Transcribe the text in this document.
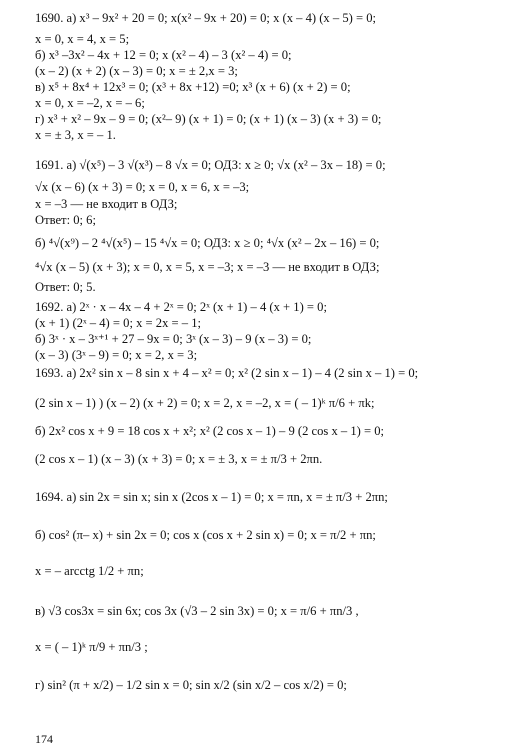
1690. а) x³ – 9x² + 20 = 0; x(x² – 9x + 20) = 0; x (x – 4) (x – 5) = 0;
x = 0, x = 4, x = 5;
б) x³ –3x² – 4x + 12 = 0; x (x² – 4) – 3 (x² – 4) = 0;
(x – 2) (x + 2) (x – 3) = 0; x = ± 2,x = 3;
в) x⁵ + 8x⁴ + 12x³ = 0; (x³ + 8x +12) =0; x³ (x + 6) (x + 2) = 0;
x = 0, x = –2, x = – 6;
г) x³ + x² – 9x – 9 = 0; (x²– 9) (x + 1) = 0; (x + 1) (x – 3) (x + 3) = 0;
x = ± 3, x = – 1.
1691. а) √(x⁵) – 3 √(x³) – 8 √x = 0; ОДЗ: x ≥ 0; √x (x² – 3x – 18) = 0;
√x (x – 6) (x + 3) = 0; x = 0, x = 6, x = –3;
x = –3 — не входит в ОДЗ;
Ответ: 0; 6;
б) ⁴√(x⁹) – 2 ⁴√(x⁵) – 15 ⁴√x = 0; ОДЗ: x ≥ 0; ⁴√x (x² – 2x – 16) = 0;
⁴√x (x – 5) (x + 3); x = 0, x = 5, x = –3; x = –3 — не входит в ОДЗ;
Ответ: 0; 5.
1692. а) 2ˣ · x – 4x – 4 + 2ˣ = 0; 2ˣ (x + 1) – 4 (x + 1) = 0;
(x + 1) (2ˣ – 4) = 0; x = 2x = – 1;
б) 3ˣ · x – 3ˣ⁺¹ + 27 – 9x = 0; 3ˣ (x – 3) – 9 (x – 3) = 0;
(x – 3) (3ˣ – 9) = 0; x = 2, x = 3;
1693. а) 2x² sin x – 8 sin x + 4 – x² = 0; x² (2 sin x – 1) – 4 (2 sin x – 1) = 0;
(2 sin x – 1) ) (x – 2) (x + 2) = 0; x = 2, x = –2, x = ( – 1)ᵏ π/6 + πk;
б) 2x² cos x + 9 = 18 cos x + x²; x² (2 cos x – 1) – 9 (2 cos x – 1) = 0;
(2 cos x – 1) (x – 3) (x + 3) = 0; x = ± 3, x = ± π/3 + 2πn.
1694. а) sin 2x = sin x; sin x (2cos x – 1) = 0; x = πn, x = ± π/3 + 2πn;
б) cos² (π– x) + sin 2x = 0; cos x (cos x + 2 sin x) = 0; x = π/2 + πn;
x = – arcctg 1/2 + πn;
в) √3 cos3x = sin 6x; cos 3x (√3 – 2 sin 3x) = 0; x = π/6 + πn/3 ,
x = ( – 1)ᵏ π/9 + πn/3 ;
г) sin² (π + x/2) – 1/2 sin x = 0; sin x/2 (sin x/2 – cos x/2) = 0;
174
